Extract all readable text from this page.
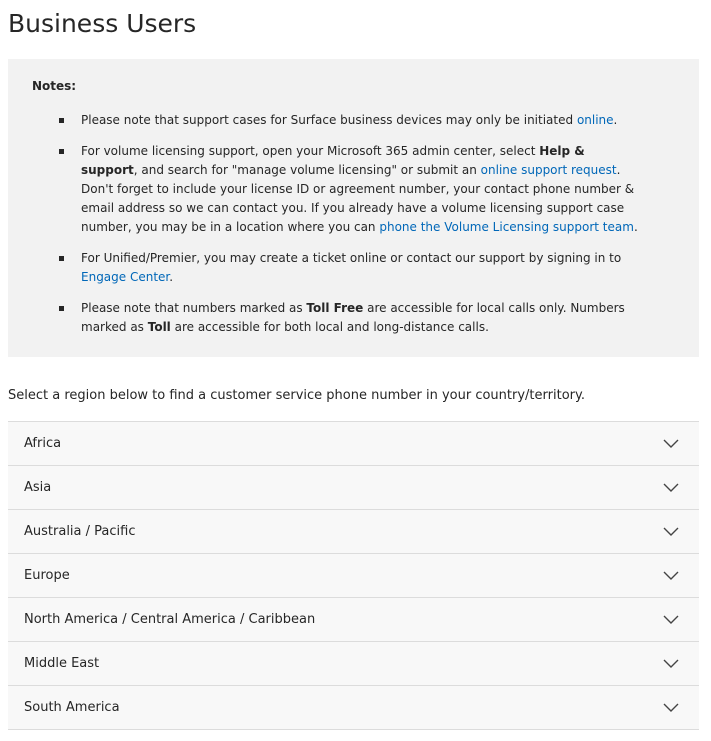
Business Users
Notes:
Please note that support cases for Surface business devices may only be initiated online.
For volume licensing support, open your Microsoft 365 admin center, select Help & support, and search for "manage volume licensing" or submit an online support request. Don't forget to include your license ID or agreement number, your contact phone number & email address so we can contact you. If you already have a volume licensing support case number, you may be in a location where you can phone the Volume Licensing support team.
For Unified/Premier, you may create a ticket online or contact our support by signing in to Engage Center.
Please note that numbers marked as Toll Free are accessible for local calls only. Numbers marked as Toll are accessible for both local and long-distance calls.
Select a region below to find a customer service phone number in your country/territory.
Africa
Asia
Australia / Pacific
Europe
North America / Central America / Caribbean
Middle East
South America
